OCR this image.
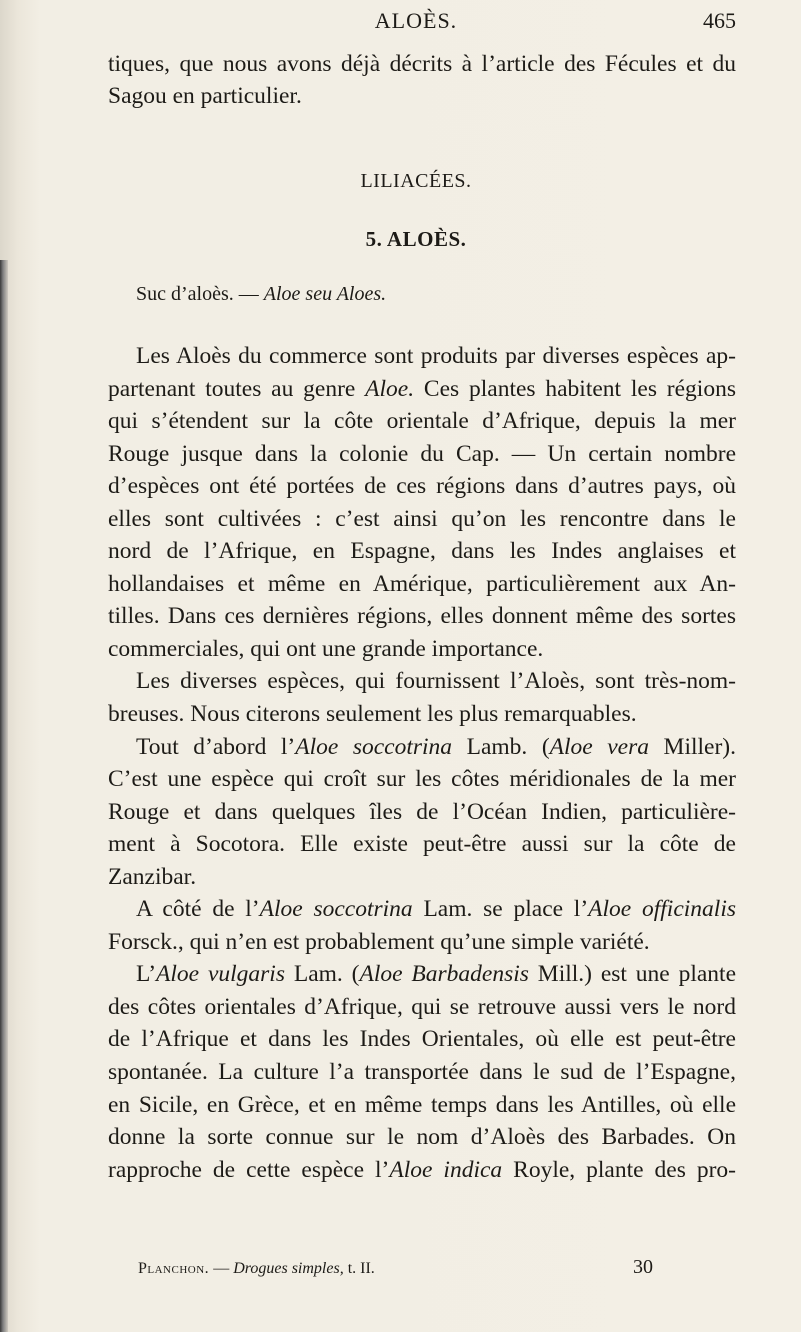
ALOÈS.	465
tiques, que nous avons déjà décrits à l’article des Fécules et du
Sagou en particulier.
LILIACÉES.
5. ALOÈS.
Suc d’aloès. — Aloe seu Aloes.
Les Aloès du commerce sont produits par diverses espèces ap-
partenant toutes au genre Aloe. Ces plantes habitent les régions
qui s’étendent sur la côte orientale d’Afrique, depuis la mer
Rouge jusque dans la colonie du Cap. — Un certain nombre
d’espèces ont été portées de ces régions dans d’autres pays, où
elles sont cultivées : c’est ainsi qu’on les rencontre dans le
nord de l’Afrique, en Espagne, dans les Indes anglaises et
hollandaises et même en Amérique, particulièrement aux An-
tilles. Dans ces dernières régions, elles donnent même des sortes
commerciales, qui ont une grande importance.
Les diverses espèces, qui fournissent l’Aloès, sont très-nom-
breuses. Nous citerons seulement les plus remarquables.
Tout d’abord l’Aloe soccotrina Lamb. (Aloe vera Miller).
C’est une espèce qui croît sur les côtes méridionales de la mer
Rouge et dans quelques îles de l’Océan Indien, particulière-
ment à Socotora. Elle existe peut-être aussi sur la côte de
Zanzibar.
A côté de l’Aloe soccotrina Lam. se place l’Aloe officinalis
Forsck., qui n’en est probablement qu’une simple variété.
L’Aloe vulgaris Lam. (Aloe Barbadensis Mill.) est une plante
des côtes orientales d’Afrique, qui se retrouve aussi vers le nord
de l’Afrique et dans les Indes Orientales, où elle est peut-être
spontanée. La culture l’a transportée dans le sud de l’Espagne,
en Sicile, en Grèce, et en même temps dans les Antilles, où elle
donne la sorte connue sur le nom d’Aloès des Barbades. On
rapproche de cette espèce l’Aloe indica Royle, plante des pro-
Planchon. — Drogues simples, t. II.	30
